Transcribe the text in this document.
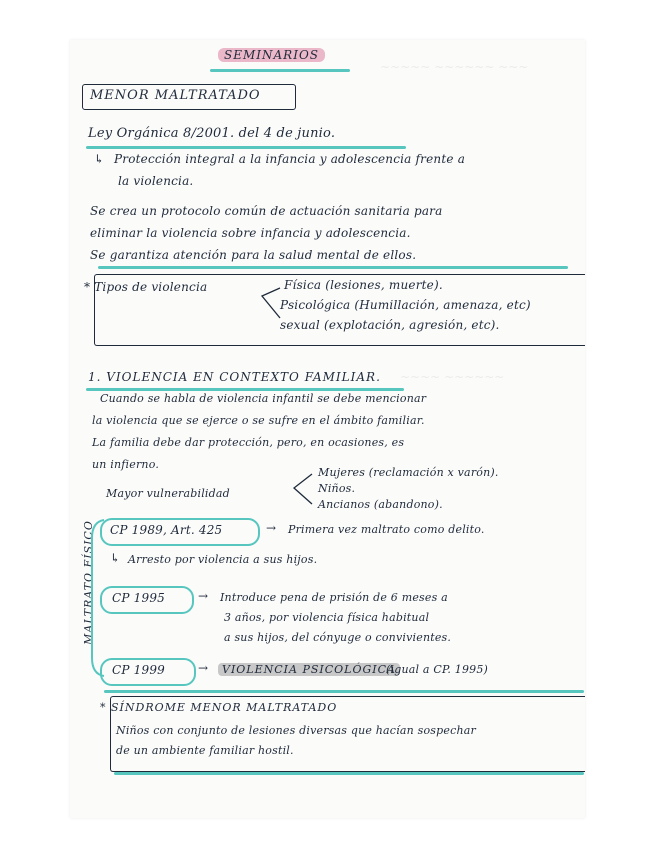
~~~~~ ~~~~~~ ~~~
~~~~ ~~~~~~
SEMINARIOS
MENOR MALTRATADO
Ley Orgánica 8/2001. del 4 de junio.
↳ Protección integral a la infancia y adolescencia frente a
la violencia.
Se crea un protocolo común de actuación sanitaria para
eliminar la violencia sobre infancia y adolescencia.
Se garantiza atención para la salud mental de ellos.
* Tipos de violencia	Física (lesiones, muerte).
Psicológica (Humillación, amenaza, etc)
sexual (explotación, agresión, etc).
1. VIOLENCIA EN CONTEXTO FAMILIAR.
Cuando se habla de violencia infantil se debe mencionar
la violencia que se ejerce o se sufre en el ámbito familiar.
La familia debe dar protección, pero, en ocasiones, es
un infierno.
Mayor vulnerabilidad
Mujeres (reclamación x varón).
Niños.
Ancianos (abandono).
MALTRATO FÍSICO CP 1989, Art. 425	→ Primera vez maltrato como delito.
↳ Arresto por violencia a sus hijos.
CP 1995	→ Introduce pena de prisión de 6 meses a
3 años, por violencia física habitual
a sus hijos, del cónyuge o convivientes.
CP 1999	→	VIOLENCIA PSICOLÓGICA
(igual a CP. 1995)
* SÍNDROME MENOR MALTRATADO
Niños con conjunto de lesiones diversas que hacían sospechar
de un ambiente familiar hostil.
